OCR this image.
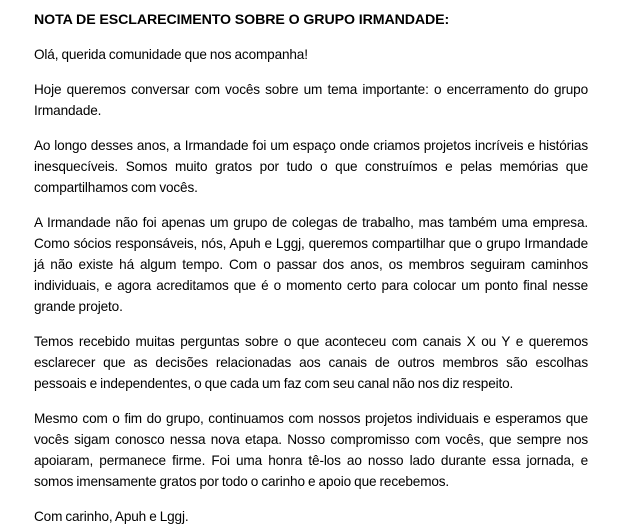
NOTA DE ESCLARECIMENTO SOBRE O GRUPO IRMANDADE:

Olá, querida comunidade que nos acompanha!

Hoje queremos conversar com vocês sobre um tema importante: o encerramento do grupo Irmandade.

Ao longo desses anos, a Irmandade foi um espaço onde criamos projetos incríveis e histórias inesquecíveis. Somos muito gratos por tudo o que construímos e pelas memórias que compartilhamos com vocês.

A Irmandade não foi apenas um grupo de colegas de trabalho, mas também uma empresa. Como sócios responsáveis, nós, Apuh e Lggj, queremos compartilhar que o grupo Irmandade já não existe há algum tempo. Com o passar dos anos, os membros seguiram caminhos individuais, e agora acreditamos que é o momento certo para colocar um ponto final nesse grande projeto.

Temos recebido muitas perguntas sobre o que aconteceu com canais X ou Y e queremos esclarecer que as decisões relacionadas aos canais de outros membros são escolhas pessoais e independentes, o que cada um faz com seu canal não nos diz respeito.

Mesmo com o fim do grupo, continuamos com nossos projetos individuais e esperamos que vocês sigam conosco nessa nova etapa. Nosso compromisso com vocês, que sempre nos apoiaram, permanece firme. Foi uma honra tê-los ao nosso lado durante essa jornada, e somos imensamente gratos por todo o carinho e apoio que recebemos.

Com carinho, Apuh e Lggj.
